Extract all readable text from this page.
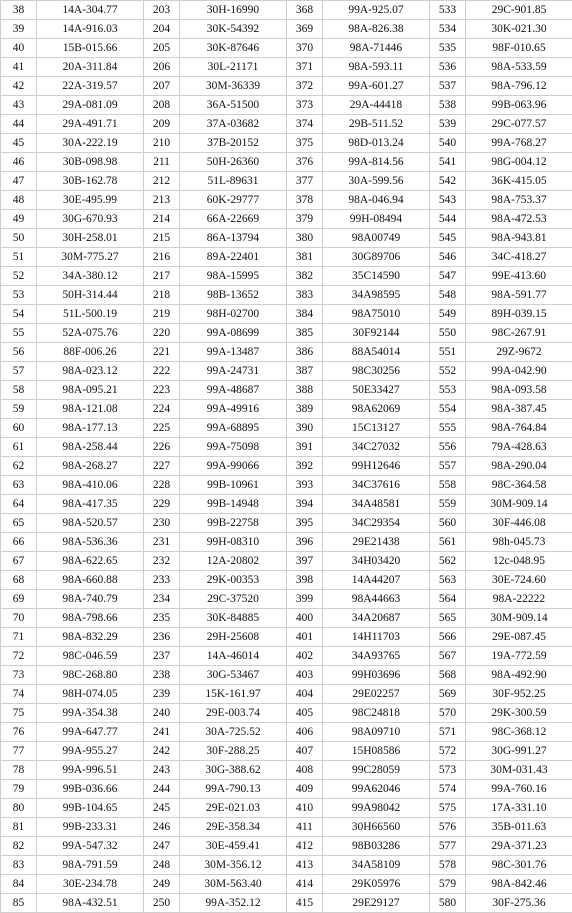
38	14A-304.77	203	30H-16990	368	99A-925.07	533	29C-901.85
39	14A-916.03	204	30K-54392	369	98A-826.38	534	30K-021.30
40	15B-015.66	205	30K-87646	370	98A-71446	535	98F-010.65
41	20A-311.84	206	30L-21171	371	98A-593.11	536	98A-533.59
42	22A-319.57	207	30M-36339	372	99A-601.27	537	98A-796.12
43	29A-081.09	208	36A-51500	373	29A-44418	538	99B-063.96
44	29A-491.71	209	37A-03682	374	29B-511.52	539	29C-077.57
45	30A-222.19	210	37B-20152	375	98D-013.24	540	99A-768.27
46	30B-098.98	211	50H-26360	376	99A-814.56	541	98G-004.12
47	30B-162.78	212	51L-89631	377	30A-599.56	542	36K-415.05
48	30E-495.99	213	60K-29777	378	98A-046.94	543	98A-753.37
49	30G-670.93	214	66A-22669	379	99H-08494	544	98A-472.53
50	30H-258.01	215	86A-13794	380	98A00749	545	98A-943.81
51	30M-775.27	216	89A-22401	381	30G89706	546	34C-418.27
52	34A-380.12	217	98A-15995	382	35C14590	547	99E-413.60
53	50H-314.44	218	98B-13652	383	34A98595	548	98A-591.77
54	51L-500.19	219	98H-02700	384	98A75010	549	89H-039.15
55	52A-075.76	220	99A-08699	385	30F92144	550	98C-267.91
56	88F-006.26	221	99A-13487	386	88A54014	551	29Z-9672
57	98A-023.12	222	99A-24731	387	98C30256	552	99A-042.90
58	98A-095.21	223	99A-48687	388	50E33427	553	98A-093.58
59	98A-121.08	224	99A-49916	389	98A62069	554	98A-387.45
60	98A-177.13	225	99A-68895	390	15C13127	555	98A-764.84
61	98A-258.44	226	99A-75098	391	34C27032	556	79A-428.63
62	98A-268.27	227	99A-99066	392	99H12646	557	98A-290.04
63	98A-410.06	228	99B-10961	393	34C37616	558	98C-364.58
64	98A-417.35	229	99B-14948	394	34A48581	559	30M-909.14
65	98A-520.57	230	99B-22758	395	34C29354	560	30F-446.08
66	98A-536.36	231	99H-08310	396	29E21438	561	98h-045.73
67	98A-622.65	232	12A-20802	397	34H03420	562	12c-048.95
68	98A-660.88	233	29K-00353	398	14A44207	563	30E-724.60
69	98A-740.79	234	29C-37520	399	98A44663	564	98A-22222
70	98A-798.66	235	30K-84885	400	34A20687	565	30M-909.14
71	98A-832.29	236	29H-25608	401	14H11703	566	29E-087.45
72	98C-046.59	237	14A-46014	402	34A93765	567	19A-772.59
73	98C-268.80	238	30G-53467	403	99H03696	568	98A-492.90
74	98H-074.05	239	15K-161.97	404	29E02257	569	30F-952.25
75	99A-354.38	240	29E-003.74	405	98C24818	570	29K-300.59
76	99A-647.77	241	30A-725.52	406	98A09710	571	98C-368.12
77	99A-955.27	242	30F-288.25	407	15H08586	572	30G-991.27
78	99A-996.51	243	30G-388.62	408	99C28059	573	30M-031.43
79	99B-036.66	244	99A-790.13	409	99A62046	574	99A-760.16
80	99B-104.65	245	29E-021.03	410	99A98042	575	17A-331.10
81	99B-233.31	246	29E-358.34	411	30H66560	576	35B-011.63
82	99A-547.32	247	30E-459.41	412	98B03286	577	29A-371.23
83	98A-791.59	248	30M-356.12	413	34A58109	578	98C-301.76
84	30E-234.78	249	30M-563.40	414	29K05976	579	98A-842.46
85	98A-432.51	250	99A-352.12	415	29E29127	580	30F-275.36
